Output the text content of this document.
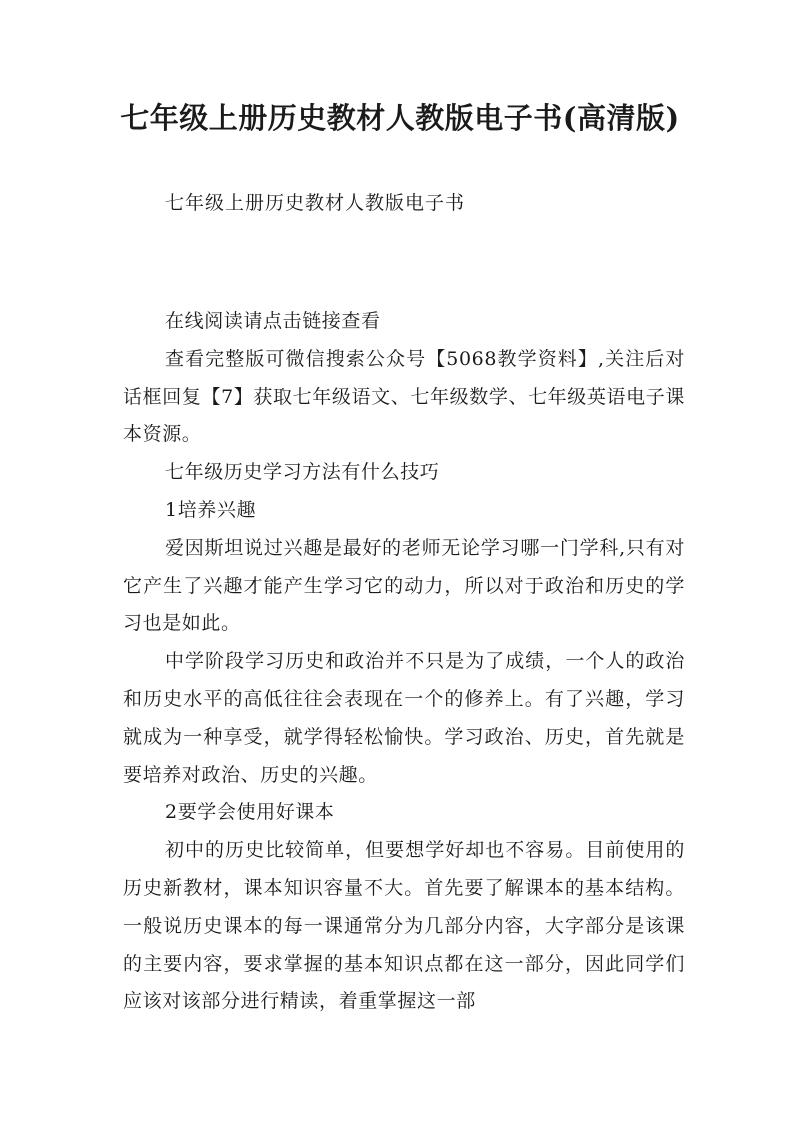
七年级上册历史教材人教版电子书(高清版)
七年级上册历史教材人教版电子书

在线阅读请点击链接查看

查看完整版可微信搜索公众号【5068教学资料】,关注后对话框回复【7】获取七年级语文、七年级数学、七年级英语电子课本资源。

七年级历史学习方法有什么技巧

1培养兴趣

爱因斯坦说过兴趣是最好的老师无论学习哪一门学科,只有对它产生了兴趣才能产生学习它的动力，所以对于政治和历史的学习也是如此。

中学阶段学习历史和政治并不只是为了成绩，一个人的政治和历史水平的高低往往会表现在一个的修养上。有了兴趣，学习就成为一种享受，就学得轻松愉快。学习政治、历史，首先就是要培养对政治、历史的兴趣。

2要学会使用好课本

初中的历史比较简单，但要想学好却也不容易。目前使用的历史新教材，课本知识容量不大。首先要了解课本的基本结构。一般说历史课本的每一课通常分为几部分内容，大字部分是该课的主要内容，要求掌握的基本知识点都在这一部分，因此同学们应该对该部分进行精读，着重掌握这一部
